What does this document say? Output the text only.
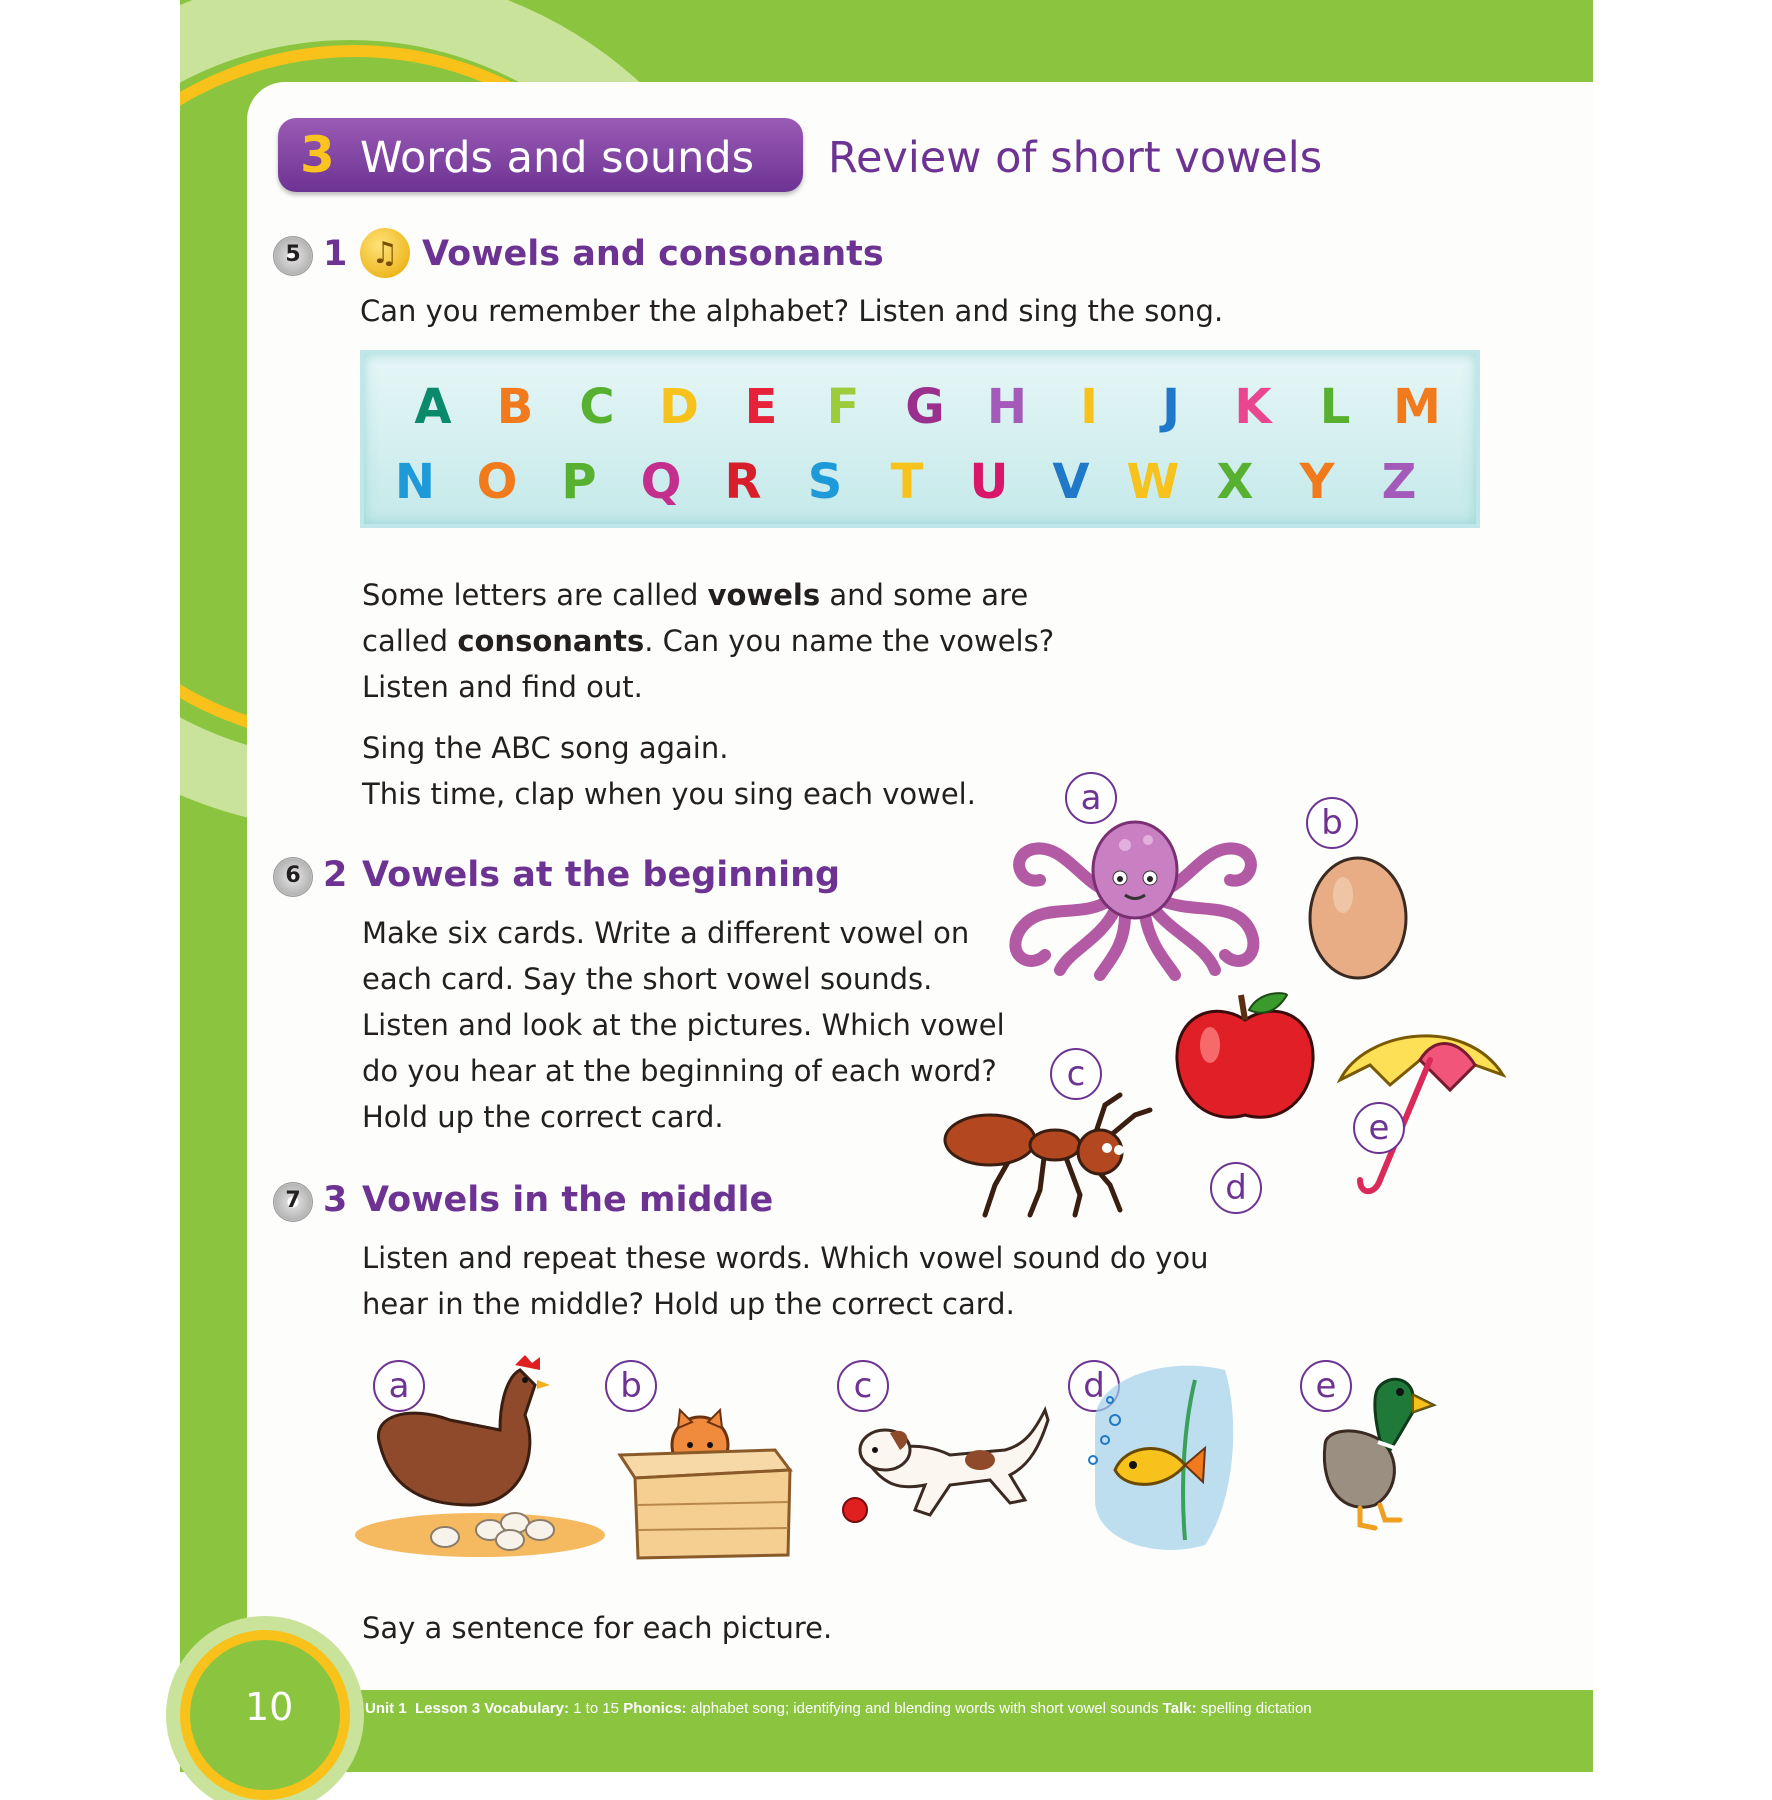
10	Unit 1 Lesson 3 Vocabulary: 1 to 15 Phonics: alphabet song; identifying and blending words with short vowel sounds Talk: spelling dictation
3 Words and sounds Review of short vowels
5 1 ♫ Vowels and consonants
Can you remember the alphabet? Listen and sing the song.
A B C D E	F G H	I	J	K	L M
N O P Q R S	T U V W X Y Z
Some letters are called vowels and some are
called consonants. Can you name the vowels?
Listen and find out.
Sing the ABC song again.
This time, clap when you sing each vowel.
6 2 Vowels at the beginning
Make six cards. Write a different vowel on
each card. Say the short vowel sounds.
Listen and look at the pictures. Which vowel
do you hear at the beginning of each word?
Hold up the correct card.
a
b
c
d
e
7 3 Vowels in the middle
Listen and repeat these words. Which vowel sound do you
hear in the middle? Hold up the correct card.
a	b	c	d	e
Say a sentence for each picture.
